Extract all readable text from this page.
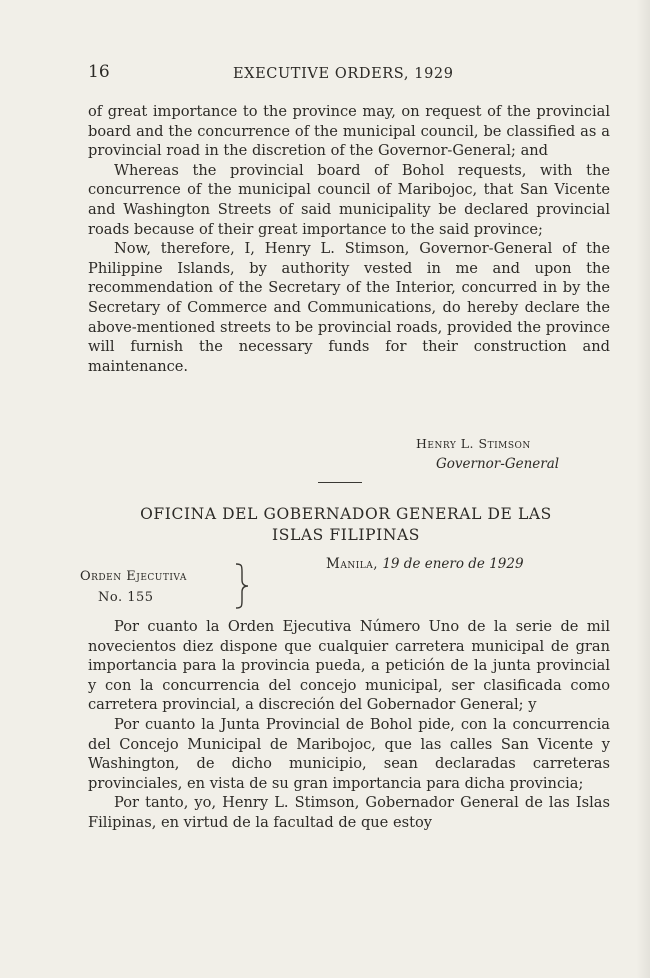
16	EXECUTIVE ORDERS, 1929

of great importance to the province may, on request of the provincial board and the concurrence of the municipal council, be classified as a provincial road in the discretion of the Governor-General; and

Whereas the provincial board of Bohol requests, with the concurrence of the municipal council of Maribojoc, that San Vicente and Washington Streets of said municipality be declared provincial roads because of their great importance to the said province;

Now, therefore, I, Henry L. Stimson, Governor-General of the Philippine Islands, by authority vested in me and upon the recommendation of the Secretary of the Interior, concurred in by the Secretary of Commerce and Communications, do hereby declare the above-mentioned streets to be provincial roads, provided the province will furnish the necessary funds for their construction and maintenance.

Henry L. Stimson
Governor-General
OFICINA DEL GOBERNADOR GENERAL DE LAS
ISLAS FILIPINAS
Manila, 19 de enero de 1929
Orden Ejecutiva
No. 155

Por cuanto la Orden Ejecutiva Número Uno de la serie de mil novecientos diez dispone que cualquier carretera municipal de gran importancia para la provincia pueda, a petición de la junta provincial y con la concurrencia del concejo municipal, ser clasificada como carretera provincial, a discreción del Gobernador General; y

Por cuanto la Junta Provincial de Bohol pide, con la concurrencia del Concejo Municipal de Maribojoc, que las calles San Vicente y Washington, de dicho municipio, sean declaradas carreteras provinciales, en vista de su gran importancia para dicha provincia;

Por tanto, yo, Henry L. Stimson, Gobernador General de las Islas Filipinas, en virtud de la facultad de que estoy
